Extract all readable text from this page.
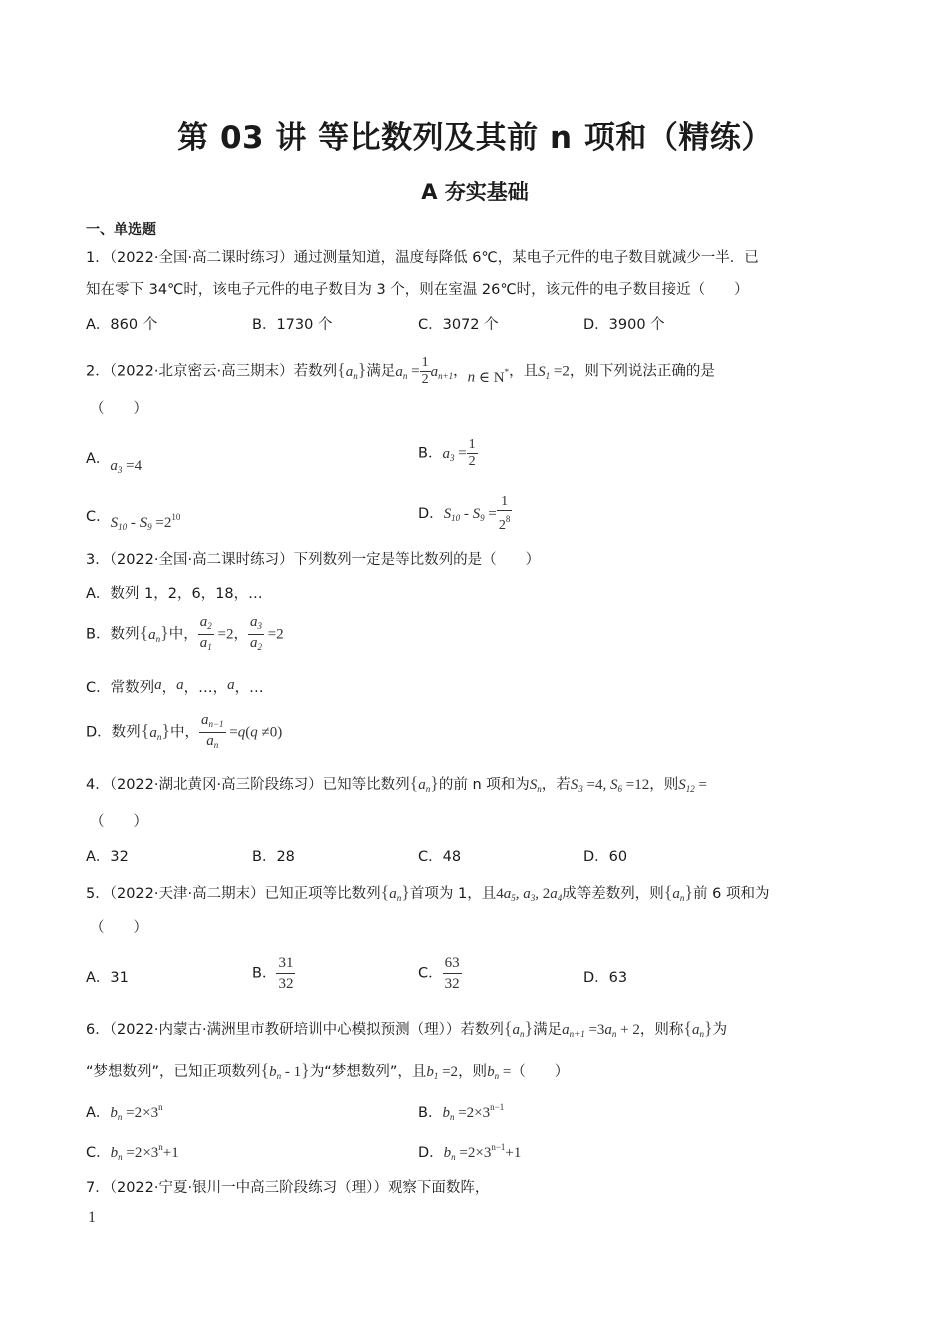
第 03 讲 等比数列及其前 n 项和（精练）
A 夯实基础
一、单选题
1．（2022·全国·高二课时练习）通过测量知道，温度每降低 6℃，某电子元件的电子数目就减少一半．已
知在零下 34℃时，该电子元件的电子数目为 3 个，则在室温 26℃时，该元件的电子数目接近（　　）
A．860 个	B．1730 个	C．3072 个	D．3900 个
2．（2022·北京密云·高三期末）若数列$\{a_n\}$满足$a_n = \frac{1}{2} a_{n+1}$，n ∈ N*，且$S_1 =2$，则下列说法正确的是
（　　）
A．$a_3 =4$
B．$a_3 = \frac{1}{2}$
C．$S_{10} - S_9 =2^{10}$	D．$S_{10} - S_9 = \frac{1}{2^8}$
3．（2022·全国·高二课时练习）下列数列一定是等比数列的是（　　）
A．数列 1，2，6，18，…
B．数列$\{a_n\}$中， $\frac{a_2}{a_1} =2$， $\frac{a_3}{a_2} =2$
C．常数列a，a，…，a，…
D．数列$\{a_n\}$中， $\frac{a_{n-1}}{a_n} =q(q \ne 0)$
4．（2022·湖北黄冈·高三阶段练习）已知等比数列$\{a_n\}$的前 n 项和为$S_n$，若$S_3 =4$, $S_6 =12$，则$S_{12}$ =
（　　）
A．32	B．28	C．48	D．60
5．（2022·天津·高二期末）已知正项等比数列$\{a_n\}$首项为 1，且$4a_5$, $a_3$, $2a_4$成等差数列，则$\{a_n\}$前 6 项和为
（　　）
A．31	B． $\frac{31}{32}$	C． $\frac{63}{32}$	D．63
6．（2022·内蒙古·满洲里市教研培训中心模拟预测（理））若数列$\{a_n\}$满足$a_{n+1} =3a_n + 2$，则称$\{a_n\}$为
“梦想数列”，已知正项数列$\{b_n - 1\}$为“梦想数列”，且$b_1 =2$，则$b_n$ =（　　）
A．$b_n =2\times 3^n$	B．$b_n =2\times 3^{n-1}$
C．$b_n =2\times 3^n+1$	D．$b_n =2\times 3^{n-1}+1$
7．（2022·宁夏·银川一中高三阶段练习（理））观察下面数阵，
1
